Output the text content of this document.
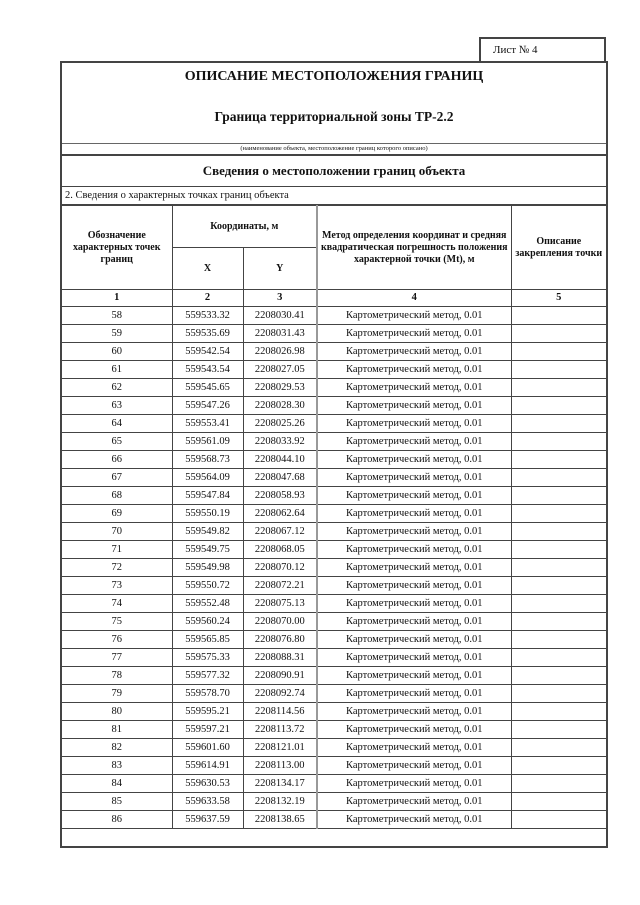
Лист № 4
ОПИСАНИЕ МЕСТОПОЛОЖЕНИЯ ГРАНИЦ
Граница территориальной зоны ТР-2.2
(наименование объекта, местоположение границ которого описано)
Сведения о местоположении границ объекта
2. Сведения о характерных точках границ объекта
Обозначение характерных точек границ	Координаты, м		Метод определения координат и средняя квадратическая погрешность положения характерной точки (Mt), м	Описание закрепления точки
	X	Y		
1	2	3	4	5
58	559533.32	2208030.41	Картометрический метод, 0.01	
59	559535.69	2208031.43	Картометрический метод, 0.01	
60	559542.54	2208026.98	Картометрический метод, 0.01	
61	559543.54	2208027.05	Картометрический метод, 0.01	
62	559545.65	2208029.53	Картометрический метод, 0.01	
63	559547.26	2208028.30	Картометрический метод, 0.01	
64	559553.41	2208025.26	Картометрический метод, 0.01	
65	559561.09	2208033.92	Картометрический метод, 0.01	
66	559568.73	2208044.10	Картометрический метод, 0.01	
67	559564.09	2208047.68	Картометрический метод, 0.01	
68	559547.84	2208058.93	Картометрический метод, 0.01	
69	559550.19	2208062.64	Картометрический метод, 0.01	
70	559549.82	2208067.12	Картометрический метод, 0.01	
71	559549.75	2208068.05	Картометрический метод, 0.01	
72	559549.98	2208070.12	Картометрический метод, 0.01	
73	559550.72	2208072.21	Картометрический метод, 0.01	
74	559552.48	2208075.13	Картометрический метод, 0.01	
75	559560.24	2208070.00	Картометрический метод, 0.01	
76	559565.85	2208076.80	Картометрический метод, 0.01	
77	559575.33	2208088.31	Картометрический метод, 0.01	
78	559577.32	2208090.91	Картометрический метод, 0.01	
79	559578.70	2208092.74	Картометрический метод, 0.01	
80	559595.21	2208114.56	Картометрический метод, 0.01	
81	559597.21	2208113.72	Картометрический метод, 0.01	
82	559601.60	2208121.01	Картометрический метод, 0.01	
83	559614.91	2208113.00	Картометрический метод, 0.01	
84	559630.53	2208134.17	Картометрический метод, 0.01	
85	559633.58	2208132.19	Картометрический метод, 0.01	
86	559637.59	2208138.65	Картометрический метод, 0.01	
